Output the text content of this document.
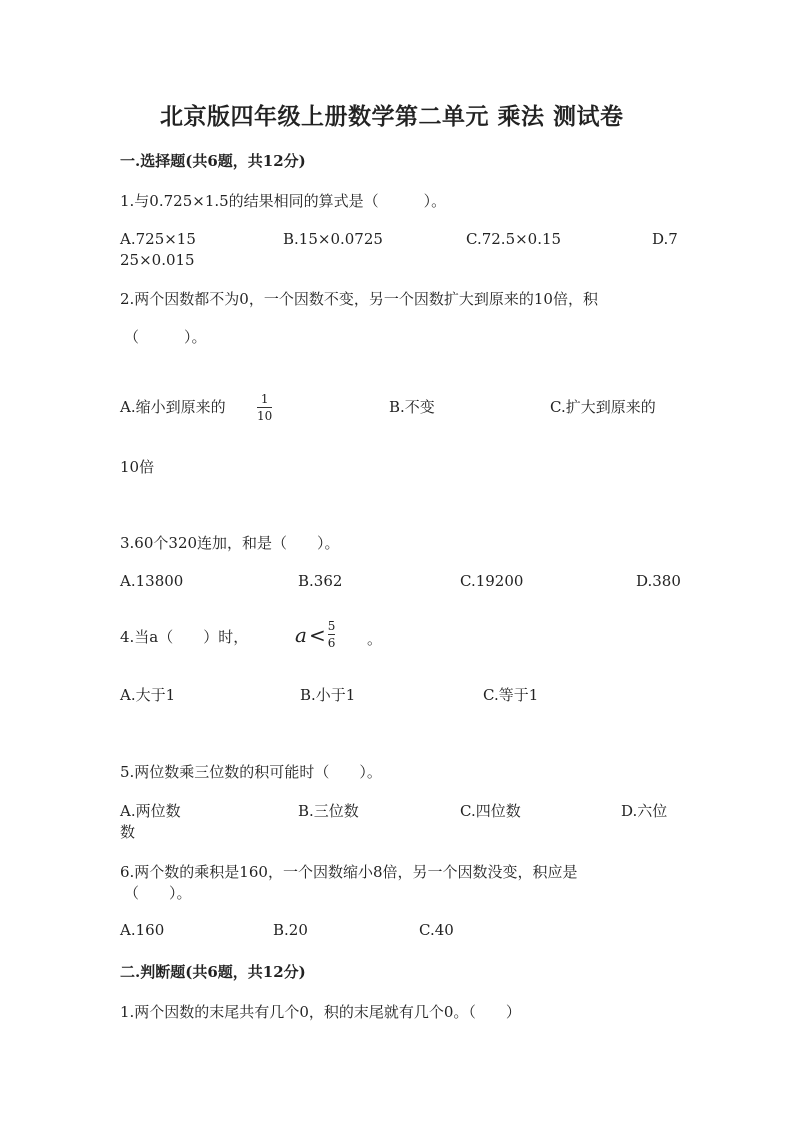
北京版四年级上册数学第二单元 乘法 测试卷
一.选择题(共6题，共12分)
1.与0.725×1.5的结果相同的算式是（　　　）。
A.725×15	B.15×0.0725	C.72.5×0.15	D.7
25×0.015
2.两个因数都不为0，一个因数不变，另一个因数扩大到原来的10倍，积
（　　　）。
A.缩小到原来的	$\frac{1}{10}$	B.不变	C.扩大到原来的
10倍
3.60个320连加，和是（　　）。
A.13800	B.362	C.19200	D.380
4.当a（　　）时， $a < \frac{5}{6}$ 。
A.大于1	B.小于1	C.等于1
5.两位数乘三位数的积可能时（　　）。
A.两位数	B.三位数	C.四位数	D.六位
数
6.两个数的乘积是160，一个因数缩小8倍，另一个因数没变，积应是
（　　）。
A.160	B.20	C.40
二.判断题(共6题，共12分)
1.两个因数的末尾共有几个0，积的末尾就有几个0。（　　）
